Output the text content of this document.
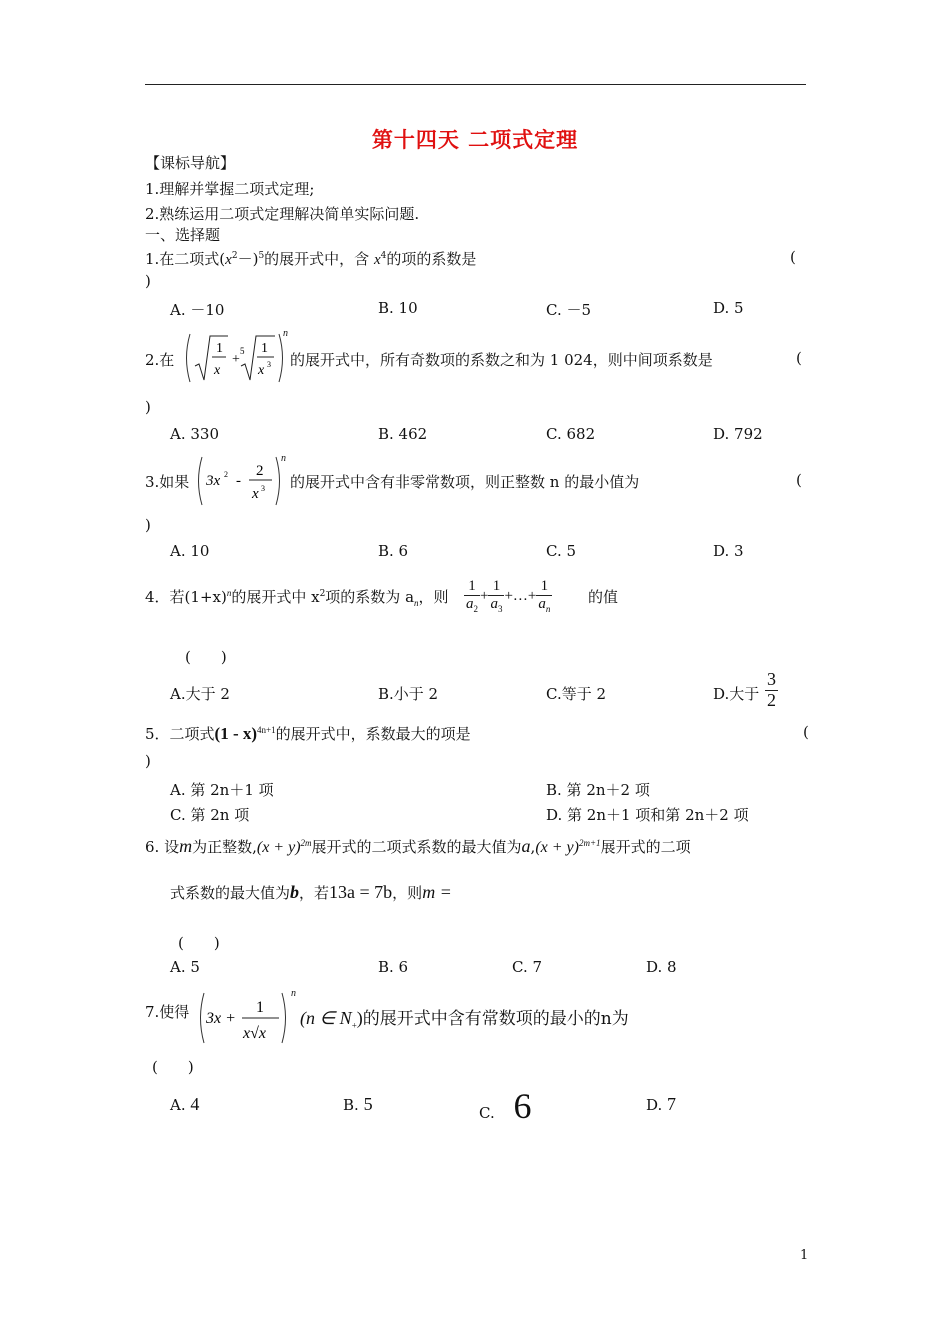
第十四天 二项式定理
【课标导航】
1.理解并掌握二项式定理;
2.熟练运用二项式定理解决简单实际问题.
一、选择题
1.在二项式$(x^2-)^5$的展开式中，含 $x^4$的项的系数是	(
)
A. －10	B. 10	C. －5	D. 5
2.在
1
x
+
5 1
x 3
n
的展开式中，所有奇数项的系数之和为 1 024，则中间项系数是	(
)
A. 330	B. 462	C. 682	D. 792
3.如果 3x 2 -
2
x 3
n
的展开式中含有非零常数项，则正整数 n 的最小值为	(
)
A. 10	B. 6	C. 5	D. 3
4．若$(1+x)^n$的展开式中 $x^2$项的系数为 $a_n$，则 $\frac{1}{a_2} + \frac{1}{a_3}$ +…+ $\frac{1}{a_n}$ 的值
(　　)
A.大于 2	B.小于 2	C.等于 2	D.大于 $\frac{3}{2}$
5．二项式(1 - x)$^{4n+1}$的展开式中，系数最大的项是	(
)
A. 第 2n＋1 项	B. 第 2n＋2 项
C. 第 2n 项	D. 第 2n＋1 项和第 2n＋2 项
6. 设m为正整数$,(x + y)^{2m}$展开式的二项式系数的最大值为$a,(x + y)^{2m+1}$展开式的二项
式系数的最大值为b，若13a = 7b，则m =
(　　)
A. 5	B. 6	C. 7	D. 8
7.使得 3x +
1
x√x
n
(n ∈ $N_+$)的展开式中含有常数项的最小的n为
(　　)
A. 4	B. 5	C. 6	D. 7
1
